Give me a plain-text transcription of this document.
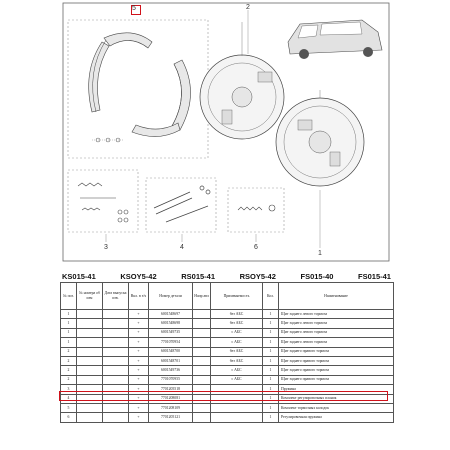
5	2
3	4	6
1
KS015-41	KSOY5-42	RS015-41	RSOY5-42	FS015-40	FS015-41
№ поз.	№ номера об изм	Дата выпуска изв.	Вкл. в з/ч	Номер детали	Напр авл	Применяемость	Кол.	Наименование
1			+	6001548697		без АБС	1	Щит заднего левого тормоза
1			+	6001548698		без АБС	1	Щит заднего левого тормоза
1			+	6001549735		с АБС	1	Щит заднего левого тормоза
1			+	7701070954		с АБС	1	Щит заднего левого тормоза
2			+	6001548700		без АБС	1	Щит заднего правого тормоза
2			+	6001548701		без АБС	1	Щит заднего правого тормоза
2			+	6001549736		с АБС	1	Щит заднего правого тормоза
2			+	7701070955		с АБС	1	Щит заднего правого тормоза
3			+	7701205518			1	Пружина
4			+	7701208081			1	Комплект регулировочных планок
5			+	7701208109			1	Комплект тормозных колодок
6			+	7701205121			1	Регулировочная пружина
